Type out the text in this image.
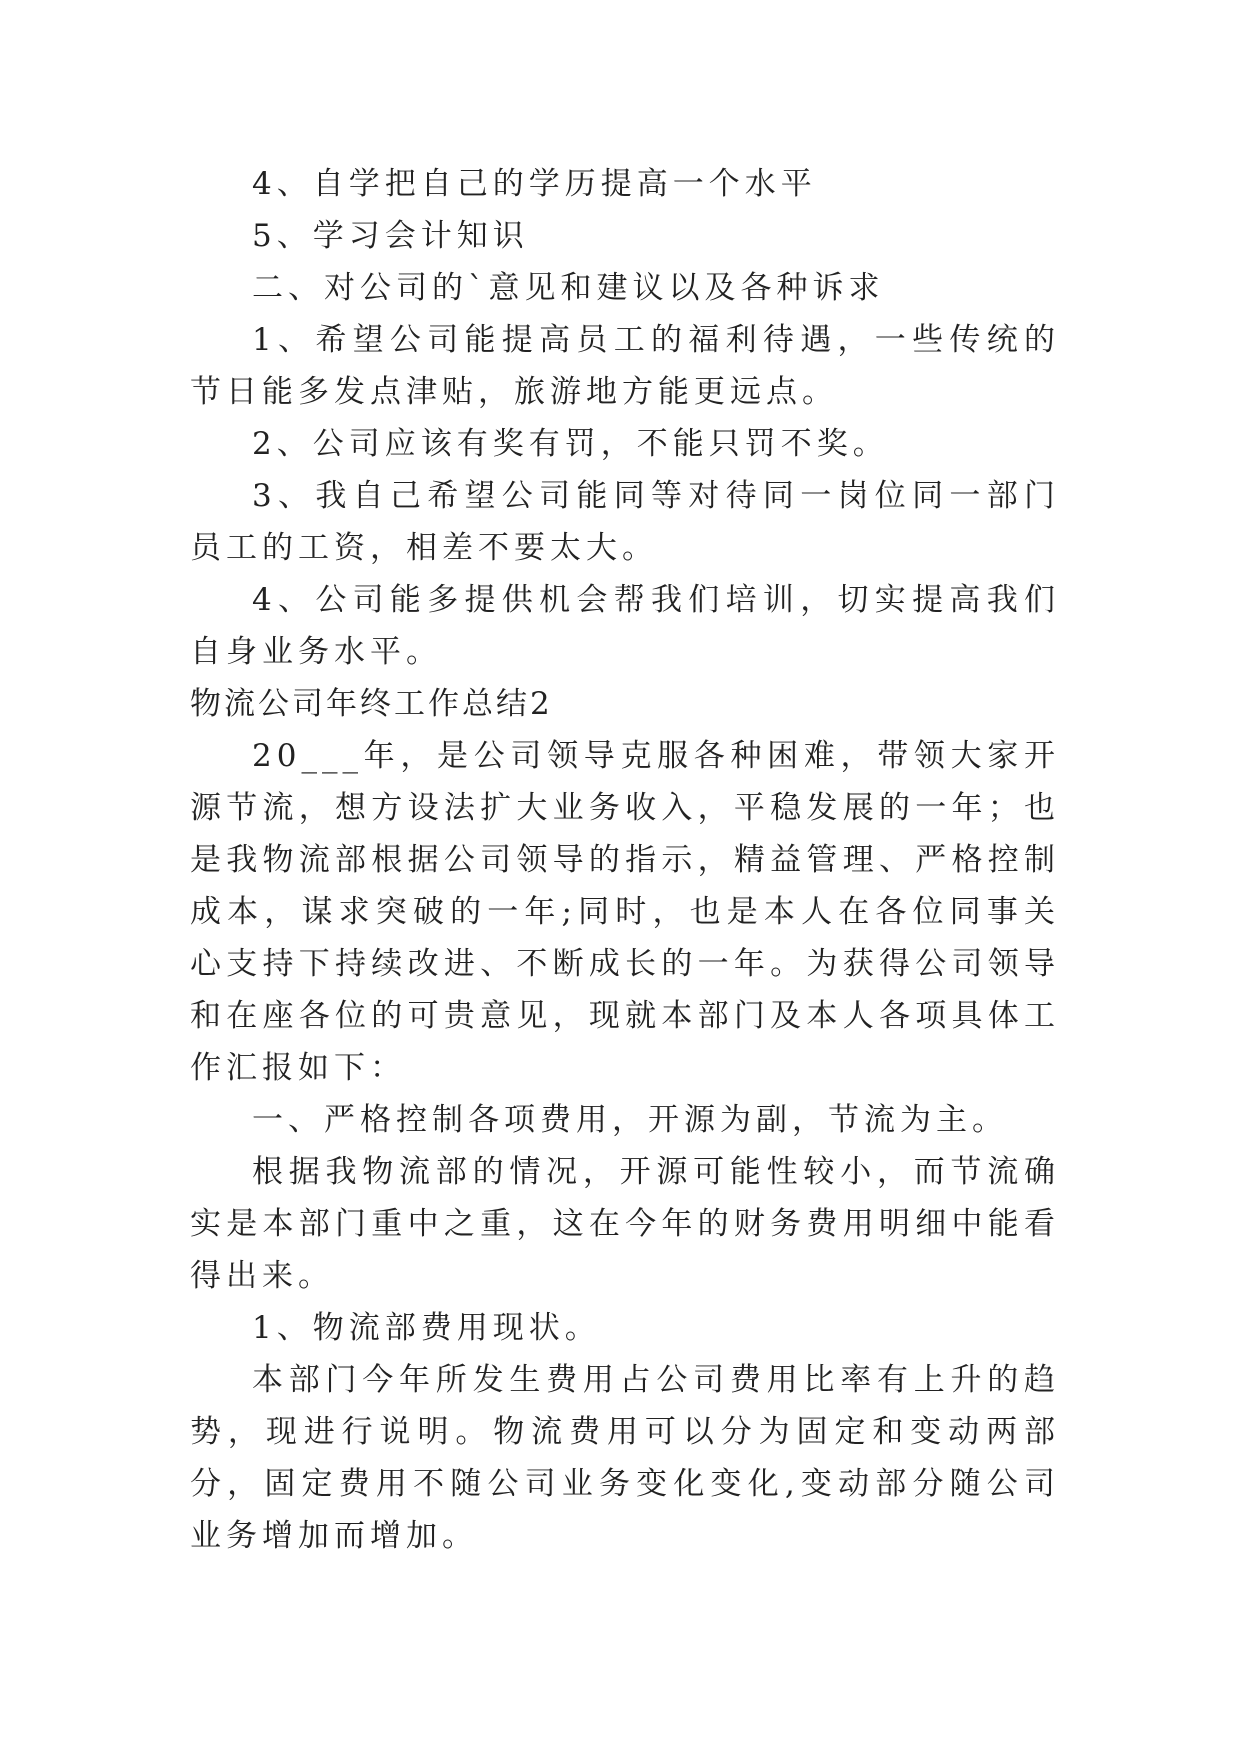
4、自学把自己的学历提高一个水平

5、学习会计知识

二、对公司的`意见和建议以及各种诉求

1、希望公司能提高员工的福利待遇，一些传统的节日能多发点津贴，旅游地方能更远点。

2、公司应该有奖有罚，不能只罚不奖。

3、我自己希望公司能同等对待同一岗位同一部门员工的工资，相差不要太大。

4、公司能多提供机会帮我们培训，切实提高我们自身业务水平。

物流公司年终工作总结2

20___年，是公司领导克服各种困难，带领大家开源节流，想方设法扩大业务收入，平稳发展的一年；也是我物流部根据公司领导的指示，精益管理、严格控制成本，谋求突破的一年;同时，也是本人在各位同事关心支持下持续改进、不断成长的一年。为获得公司领导和在座各位的可贵意见，现就本部门及本人各项具体工作汇报如下：

一、严格控制各项费用，开源为副，节流为主。

根据我物流部的情况，开源可能性较小，而节流确实是本部门重中之重，这在今年的财务费用明细中能看得出来。

1、物流部费用现状。

本部门今年所发生费用占公司费用比率有上升的趋势，现进行说明。物流费用可以分为固定和变动两部分，固定费用不随公司业务变化变化,变动部分随公司业务增加而增加。
